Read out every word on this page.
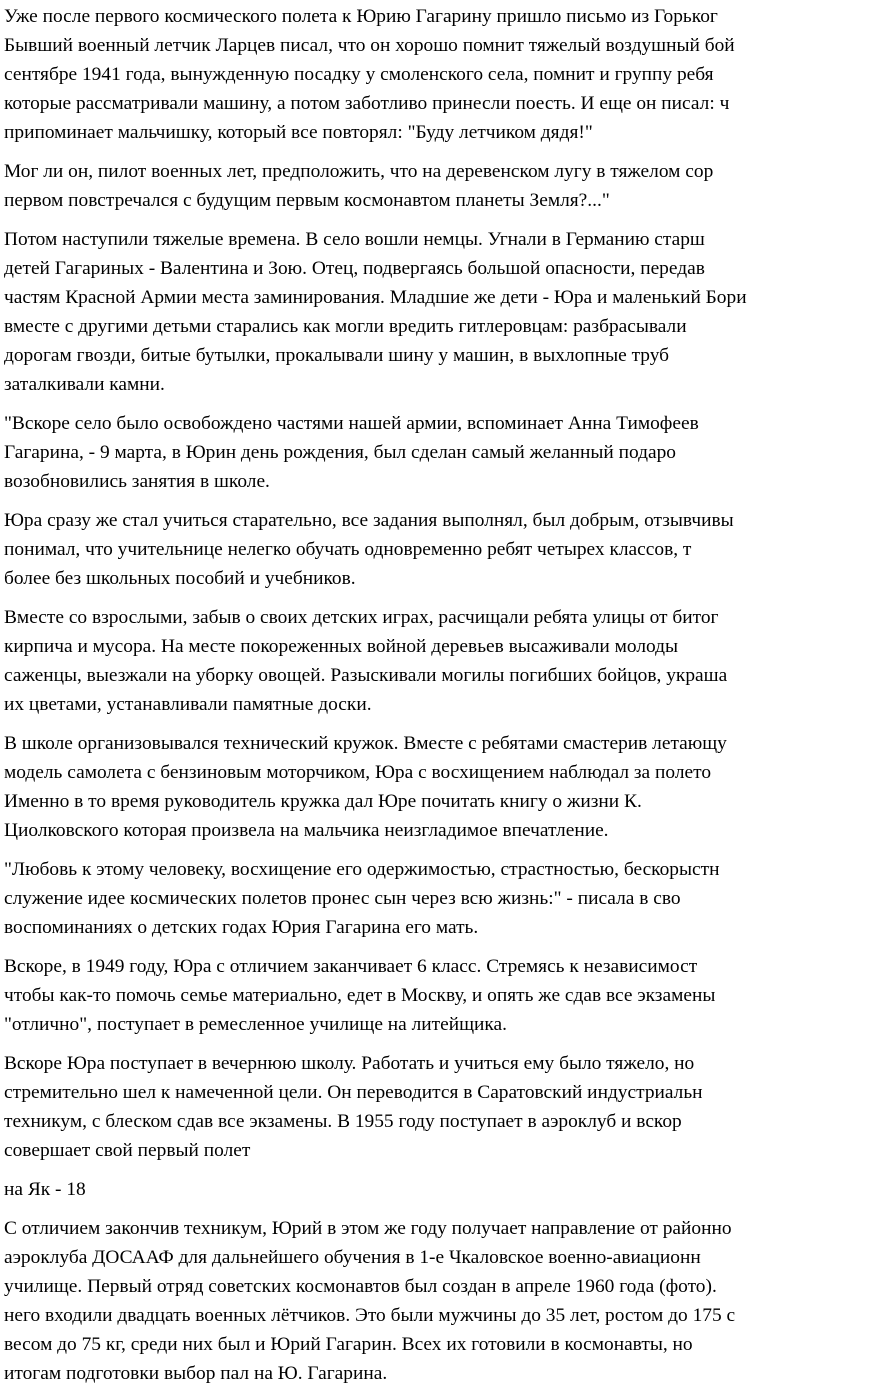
Уже после первого космического полета к Юрию Гагарину пришло письмо из Горьког
Бывший военный летчик Ларцев писал, что он хорошо помнит тяжелый воздушный бой
сентябре 1941 года, вынужденную посадку у смоленского села, помнит и группу ребя
которые рассматривали машину, а потом заботливо принесли поесть. И еще он писал: ч
припоминает мальчишку, который все повторял: "Буду летчиком дядя!"

Мог ли он, пилот военных лет, предположить, что на деревенском лугу в тяжелом сор
первом повстречался с будущим первым космонавтом планеты Земля?..."

Потом наступили тяжелые времена. В село вошли немцы. Угнали в Германию старш
детей Гагариных - Валентина и Зою. Отец, подвергаясь большой опасности, передав
частям Красной Армии места заминирования. Младшие же дети - Юра и маленький Бори
вместе с другими детьми старались как могли вредить гитлеровцам: разбрасывали
дорогам гвозди, битые бутылки, прокалывали шину у машин, в выхлопные труб
заталкивали камни.

"Вскоре село было освобождено частями нашей армии, вспоминает Анна Тимофеев
Гагарина, - 9 марта, в Юрин день рождения, был сделан самый желанный подаро
возобновились занятия в школе.

Юра сразу же стал учиться старательно, все задания выполнял, был добрым, отзывчивы
понимал, что учительнице нелегко обучать одновременно ребят четырех классов, т
более без школьных пособий и учебников.

Вместе со взрослыми, забыв о своих детских играх, расчищали ребята улицы от битог
кирпича и мусора. На месте покореженных войной деревьев высаживали молоды
саженцы, выезжали на уборку овощей. Разыскивали могилы погибших бойцов, украша
их цветами, устанавливали памятные доски.

В школе организовывался технический кружок. Вместе с ребятами смастерив летающу
модель самолета с бензиновым моторчиком, Юра с восхищением наблюдал за полето
Именно в то время руководитель кружка дал Юре почитать книгу о жизни К.
Циолковского которая произвела на мальчика неизгладимое впечатление.

"Любовь к этому человеку, восхищение его одержимостью, страстностью, бескорыстн
служение идее космических полетов пронес сын через всю жизнь:" - писала в сво
воспоминаниях о детских годах Юрия Гагарина его мать.

Вскоре, в 1949 году, Юра с отличием заканчивает 6 класс. Стремясь к независимост
чтобы как-то помочь семье материально, едет в Москву, и опять же сдав все экзамены
"отлично", поступает в ремесленное училище на литейщика.

Вскоре Юра поступает в вечернюю школу. Работать и учиться ему было тяжело, но
стремительно шел к намеченной цели. Он переводится в Саратовский индустриальн
техникум, с блеском сдав все экзамены. В 1955 году поступает в аэроклуб и вскор
совершает свой первый полет

на Як - 18

С отличием закончив техникум, Юрий в этом же году получает направление от районно
аэроклуба ДОСААФ для дальнейшего обучения в 1-е Чкаловское военно-авиационн
училище. Первый отряд советских космонавтов был создан в апреле 1960 года (фото).
него входили двадцать военных лётчиков. Это были мужчины до 35 лет, ростом до 175 с
весом до 75 кг, среди них был и Юрий Гагарин. Всех их готовили в космонавты, но
итогам подготовки выбор пал на Ю. Гагарина.
